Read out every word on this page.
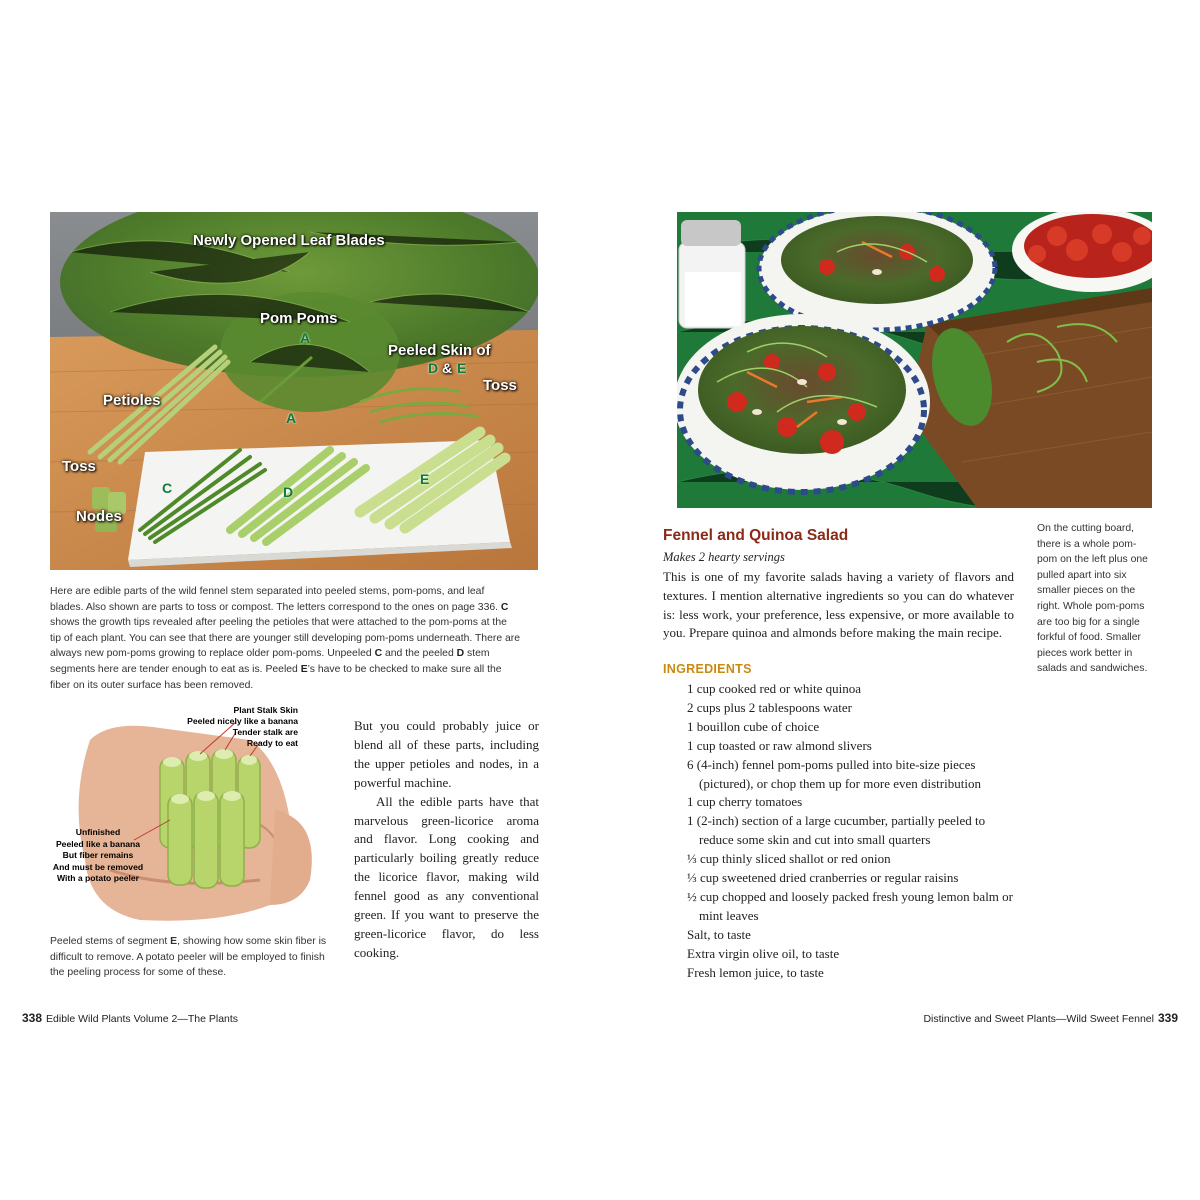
Newly Opened Leaf Blades
Pom Poms
A
Peeled Skin of
D & E
Toss
Petioles
A
Toss
C	D
E
Nodes
Here are edible parts of the wild fennel stem separated into peeled stems, pom-poms, and leaf blades. Also shown are parts to toss or compost. The letters correspond to the ones on page 336. C shows the growth tips revealed after peeling the petioles that were attached to the pom-poms at the tip of each plant. You can see that there are younger still developing pom-poms underneath. There are always new pom-poms growing to replace older pom-poms. Unpeeled C and the peeled D stem segments here are tender enough to eat as is. Peeled E’s have to be checked to make sure all the fiber on its outer surface has been removed.
Plant Stalk Skin
Peeled nicely like a banana
Tender stalk are
Ready to eat
Unfinished
Peeled like a banana
But fiber remains
And must be removed
With a potato peeler
Peeled stems of segment E, showing how some skin fiber is difficult to remove. A potato peeler will be employed to finish the peeling process for some of these.

But you could probably juice or blend all of these parts, including the upper petioles and nodes, in a powerful machine.

All the edible parts have that marvelous green-licorice aroma and flavor. Long cooking and particularly boiling greatly reduce the licorice flavor, making wild fennel good as any conventional green. If you want to preserve the green-licorice flavor, do less cooking.

338 Edible Wild Plants Volume 2—The Plants
Fennel and Quinoa Salad
Makes 2 hearty servings
This is one of my favorite salads having a variety of flavors and textures. I mention alternative ingredients so you can do whatever is: less work, your preference, less expensive, or more available to you. Prepare quinoa and almonds before making the main recipe.
INGREDIENTS
1 cup cooked red or white quinoa
2 cups plus 2 tablespoons water
1 bouillon cube of choice
1 cup toasted or raw almond slivers
6 (4-inch) fennel pom-poms pulled into bite-size pieces (pictured), or chop them up for more even distribution
1 cup cherry tomatoes
1 (2-inch) section of a large cucumber, partially peeled to reduce some skin and cut into small quarters
⅓ cup thinly sliced shallot or red onion
⅓ cup sweetened dried cranberries or regular raisins
½ cup chopped and loosely packed fresh young lemon balm or mint leaves
Salt, to taste
Extra virgin olive oil, to taste
Fresh lemon juice, to taste
On the cutting board, there is a whole pom-pom on the left plus one pulled apart into six smaller pieces on the right. Whole pom-poms are too big for a single forkful of food. Smaller pieces work better in salads and sandwiches.
Distinctive and Sweet Plants—Wild Sweet Fennel 339
